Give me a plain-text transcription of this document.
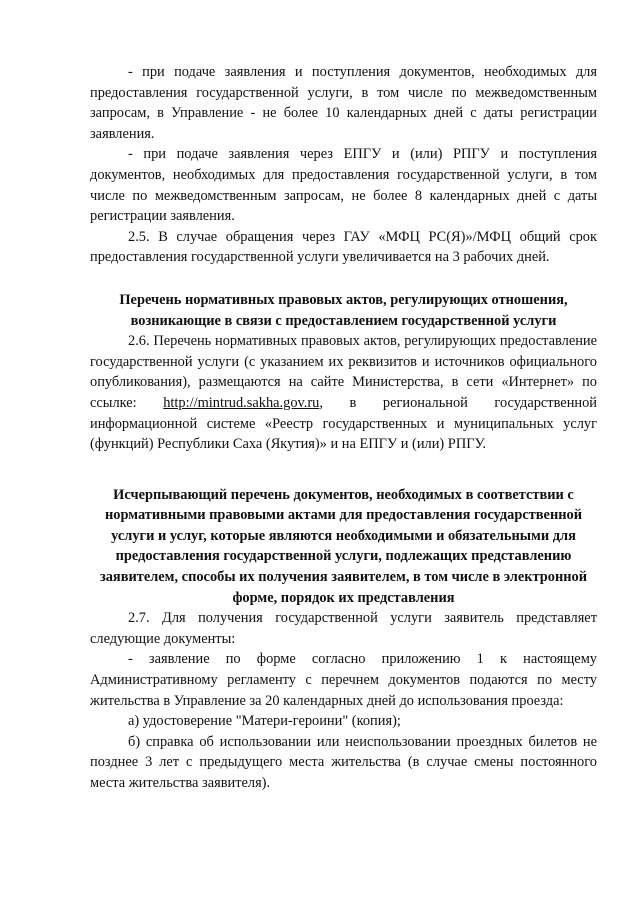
- при подаче заявления и поступления документов, необходимых для предоставления государственной услуги, в том числе по межведомственным запросам, в Управление - не более 10 календарных дней с даты регистрации заявления.

- при подаче заявления через ЕПГУ и (или) РПГУ и поступления документов, необходимых для предоставления государственной услуги, в том числе по межведомственным запросам, не более 8 календарных дней с даты регистрации заявления.

2.5. В случае обращения через ГАУ «МФЦ РС(Я)»/МФЦ общий срок предоставления государственной услуги увеличивается на 3 рабочих дней.

Перечень нормативных правовых актов, регулирующих отношения, возникающие в связи с предоставлением государственной услуги

2.6. Перечень нормативных правовых актов, регулирующих предоставление государственной услуги (с указанием их реквизитов и источников официального опубликования), размещаются на сайте Министерства, в сети «Интернет» по ссылке: http://mintrud.sakha.gov.ru, в региональной государственной информационной системе «Реестр государственных и муниципальных услуг (функций) Республики Саха (Якутия)» и на ЕПГУ и (или) РПГУ.

Исчерпывающий перечень документов, необходимых в соответствии с нормативными правовыми актами для предоставления государственной услуги и услуг, которые являются необходимыми и обязательными для предоставления государственной услуги, подлежащих представлению заявителем, способы их получения заявителем, в том числе в электронной форме, порядок их представления

2.7. Для получения государственной услуги заявитель представляет следующие документы:

- заявление по форме согласно приложению 1 к настоящему Административному регламенту с перечнем документов подаются по месту жительства в Управление за 20 календарных дней до использования проезда:

а) удостоверение "Матери-героини" (копия);

б) справка об использовании или неиспользовании проездных билетов не позднее 3 лет с предыдущего места жительства (в случае смены постоянного места жительства заявителя).
